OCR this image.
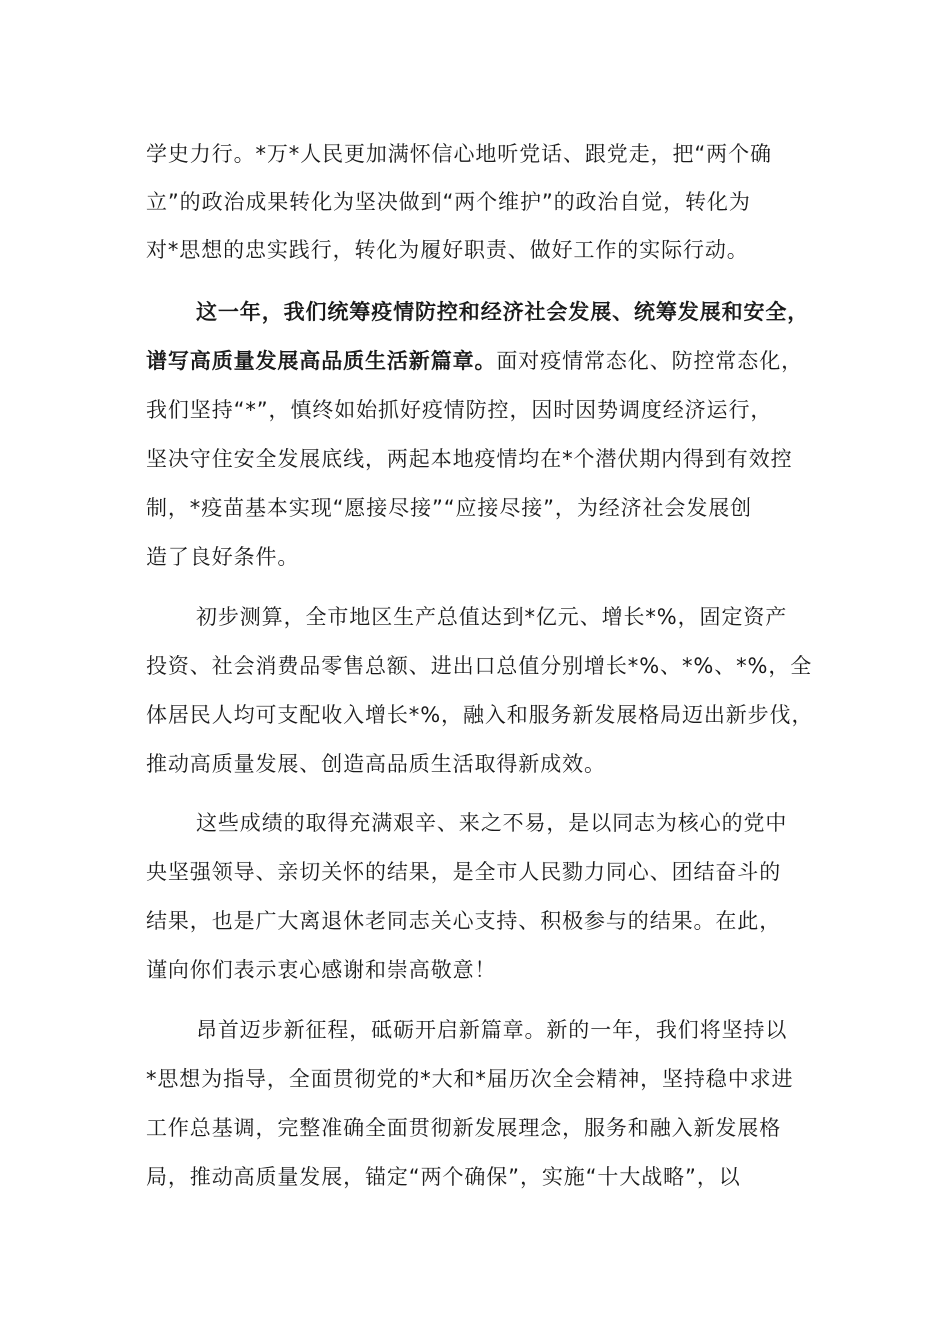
学史力行。*万*人民更加满怀信心地听党话、跟党走，把“两个确
立”的政治成果转化为坚决做到“两个维护”的政治自觉，转化为
对*思想的忠实践行，转化为履好职责、做好工作的实际行动。
这一年，我们统筹疫情防控和经济社会发展、统筹发展和安全，
谱写高质量发展高品质生活新篇章。面对疫情常态化、防控常态化，
我们坚持“*”，慎终如始抓好疫情防控，因时因势调度经济运行，
坚决守住安全发展底线，两起本地疫情均在*个潜伏期内得到有效控
制，*疫苗基本实现“愿接尽接”“应接尽接”，为经济社会发展创
造了良好条件。
初步测算，全市地区生产总值达到*亿元、增长*%，固定资产
投资、社会消费品零售总额、进出口总值分别增长*%、*%、*%，全
体居民人均可支配收入增长*%，融入和服务新发展格局迈出新步伐，
推动高质量发展、创造高品质生活取得新成效。
这些成绩的取得充满艰辛、来之不易，是以同志为核心的党中
央坚强领导、亲切关怀的结果，是全市人民勠力同心、团结奋斗的
结果，也是广大离退休老同志关心支持、积极参与的结果。在此，
谨向你们表示衷心感谢和崇高敬意！
昂首迈步新征程，砥砺开启新篇章。新的一年，我们将坚持以
*思想为指导，全面贯彻党的*大和*届历次全会精神，坚持稳中求进
工作总基调，完整准确全面贯彻新发展理念，服务和融入新发展格
局，推动高质量发展，锚定“两个确保”，实施“十大战略”，以
